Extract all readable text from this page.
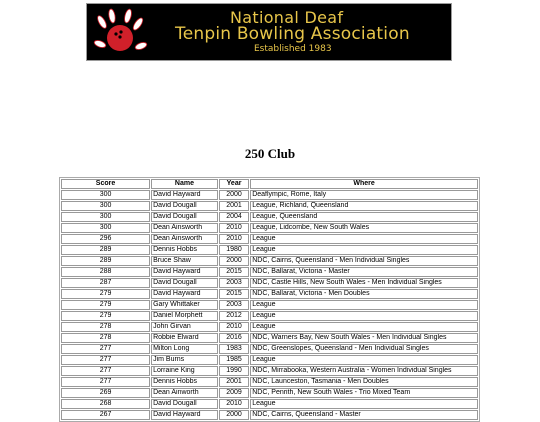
National Deaf
Tenpin Bowling Association
Established 1983
250 Club
Score	Name	Year	Where
300	David Hayward	2000	Deaflympic, Rome, Italy
300	David Dougall	2001	League, Richland, Queensland
300	David Dougall	2004	League, Queensland
300	Dean Ainsworth	2010	League, Lidcombe, New South Wales
296	Dean Ainsworth	2010	League
289	Dennis Hobbs	1980	League
289	Bruce Shaw	2000	NDC, Cairns, Queensland - Men Individual Singles
288	David Hayward	2015	NDC, Ballarat, Victoria - Master
287	David Dougall	2003	NDC, Castle Hills, New South Wales - Men Individual Singles
279	David Hayward	2015	NDC, Ballarat, Victoria - Men Doubles
279	Gary Whittaker	2003	League
279	Daniel Morphett	2012	League
278	John Girvan	2010	League
278	Robbie Elward	2016	NDC, Warners Bay, New South Wales - Men Individual Singles
277	Milton Long	1983	NDC, Greenslopes, Queensland - Men Individual Singles
277	Jim Burns	1985	League
277	Lorraine King	1990	NDC, Mirrabooka, Western Australia - Women Individual Singles
277	Dennis Hobbs	2001	NDC, Launceston, Tasmania - Men Doubles
269	Dean Ainworth	2009	NDC, Penrith, New South Wales - Trio Mixed Team
268	David Dougall	2010	League
267	David Hayward	2000	NDC, Cairns, Queensland - Master
